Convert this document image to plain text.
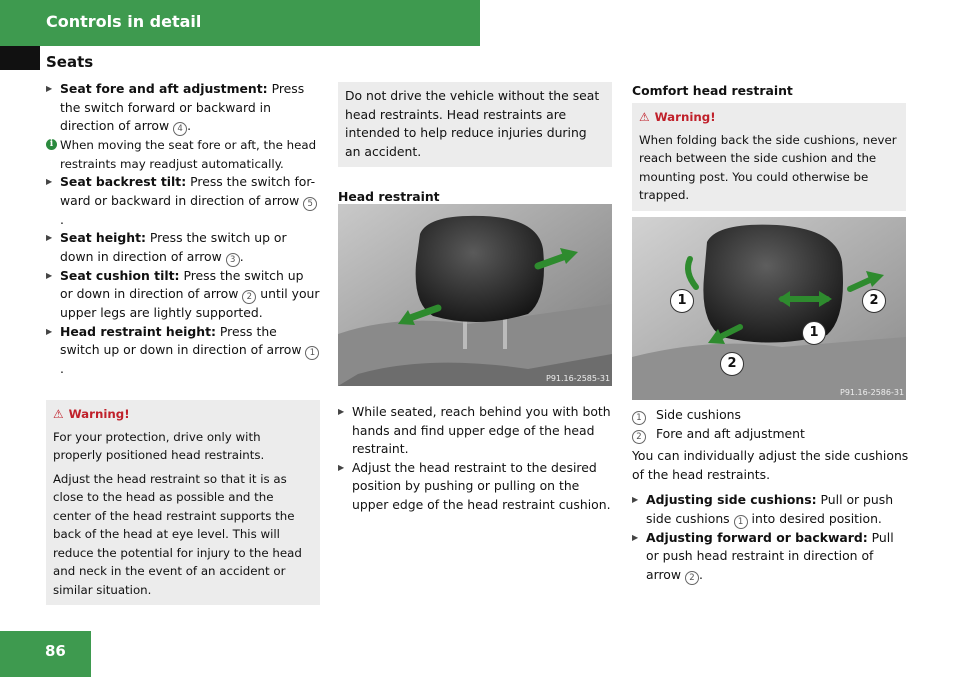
Controls in detail
Seats

▶ Seat fore and aft adjustment: Press the switch forward or backward in direction of arrow 4 .

i When moving the seat fore or aft, the head restraints may readjust automatically.

▶ Seat backrest tilt: Press the switch for-ward or backward in direction of arrow 5.

▶ Seat height: Press the switch up or down in direction of arrow 3 .

▶ Seat cushion tilt: Press the switch up or down in direction of arrow 2 until your upper legs are lightly supported.

▶ Head restraint height: Press the switch up or down in direction of arrow 1.

⚠ Warning!

For your protection, drive only with properly positioned head restraints.

Adjust the head restraint so that it is as close to the head as possible and the center of the head restraint supports the back of the head at eye level. This will reduce the potential for injury to the head and neck in the event of an accident or similar situation.

Do not drive the vehicle without the seat head restraints. Head restraints are intended to help reduce injuries during an accident.

Head restraint

P91.16-2585-31

▶ While seated, reach behind you with both hands and find upper edge of the head restraint.

▶ Adjust the head restraint to the desired position by pushing or pulling on the upper edge of the head restraint cushion.

Comfort head restraint

⚠ Warning!

When folding back the side cushions, never reach between the side cushion and the mounting post. You could otherwise be trapped.

1
1
2
2
P91.16-2586-31

1 Side cushions

2 Fore and aft adjustment

You can individually adjust the side cushions of the head restraints.

▶ Adjusting side cushions: Pull or push side cushions 1 into desired position.

▶ Adjusting forward or backward: Pull or push head restraint in direction of arrow 2 .

86
